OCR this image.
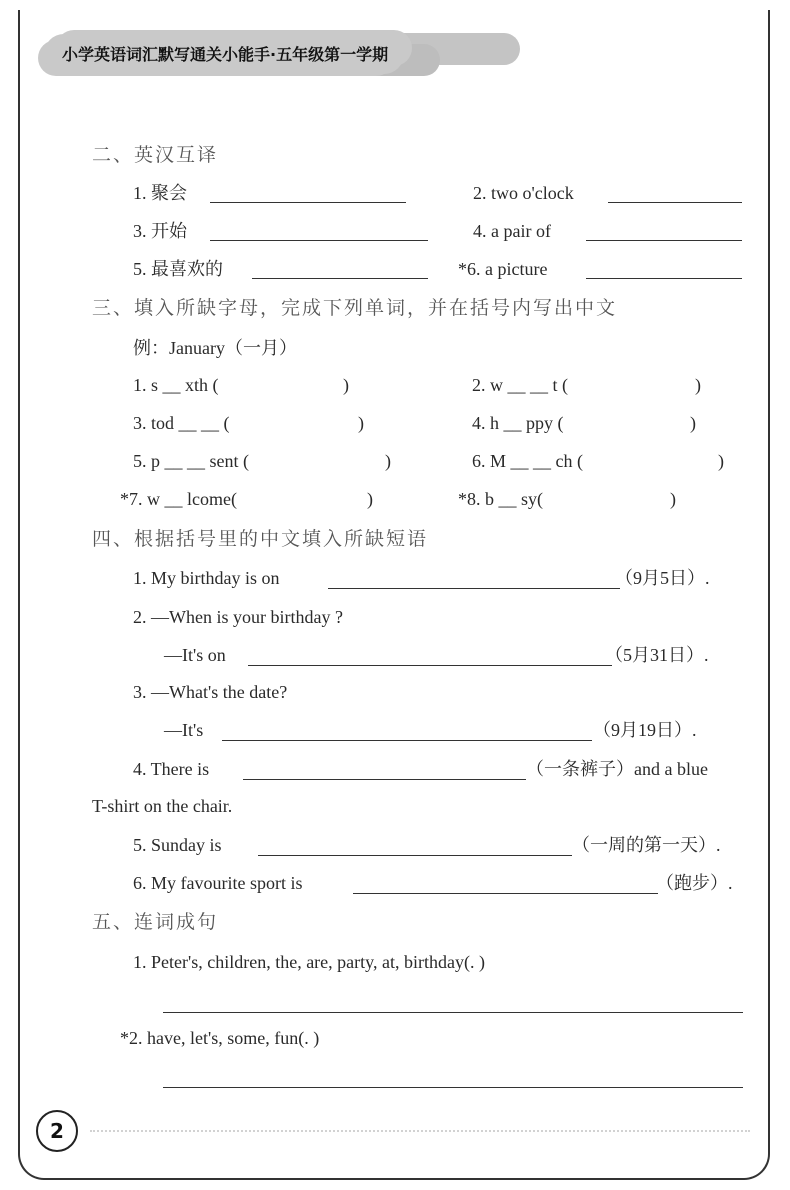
小学英语词汇默写通关小能手·五年级第一学期
二、英汉互译
1. 聚会	2. two o'clock
3. 开始	4. a pair of
5. 最喜欢的	*6. a picture
三、填入所缺字母，完成下列单词，并在括号内写出中文
例：January（一月）
1. s __ xth (	)	2. w __ __ t (	)
3. tod __ __ (	)	4. h __ ppy (	)
5. p __ __ sent (	)	6. M __ __ ch (	)
*7. w __ lcome(	)	*8. b __ sy(	)
四、根据括号里的中文填入所缺短语
1. My birthday is on	（9月5日）.
2. —When is your birthday ?
—It's on	（5月31日）.
3. —What's the date?
—It's	（9月19日）.
4. There is	（一条裤子）and a blue
T-shirt on the chair.
5. Sunday is	（一周的第一天）.
6. My favourite sport is	（跑步）.
五、连词成句
1. Peter's, children, the, are, party, at, birthday(. )
*2. have, let's, some, fun(. )
2
